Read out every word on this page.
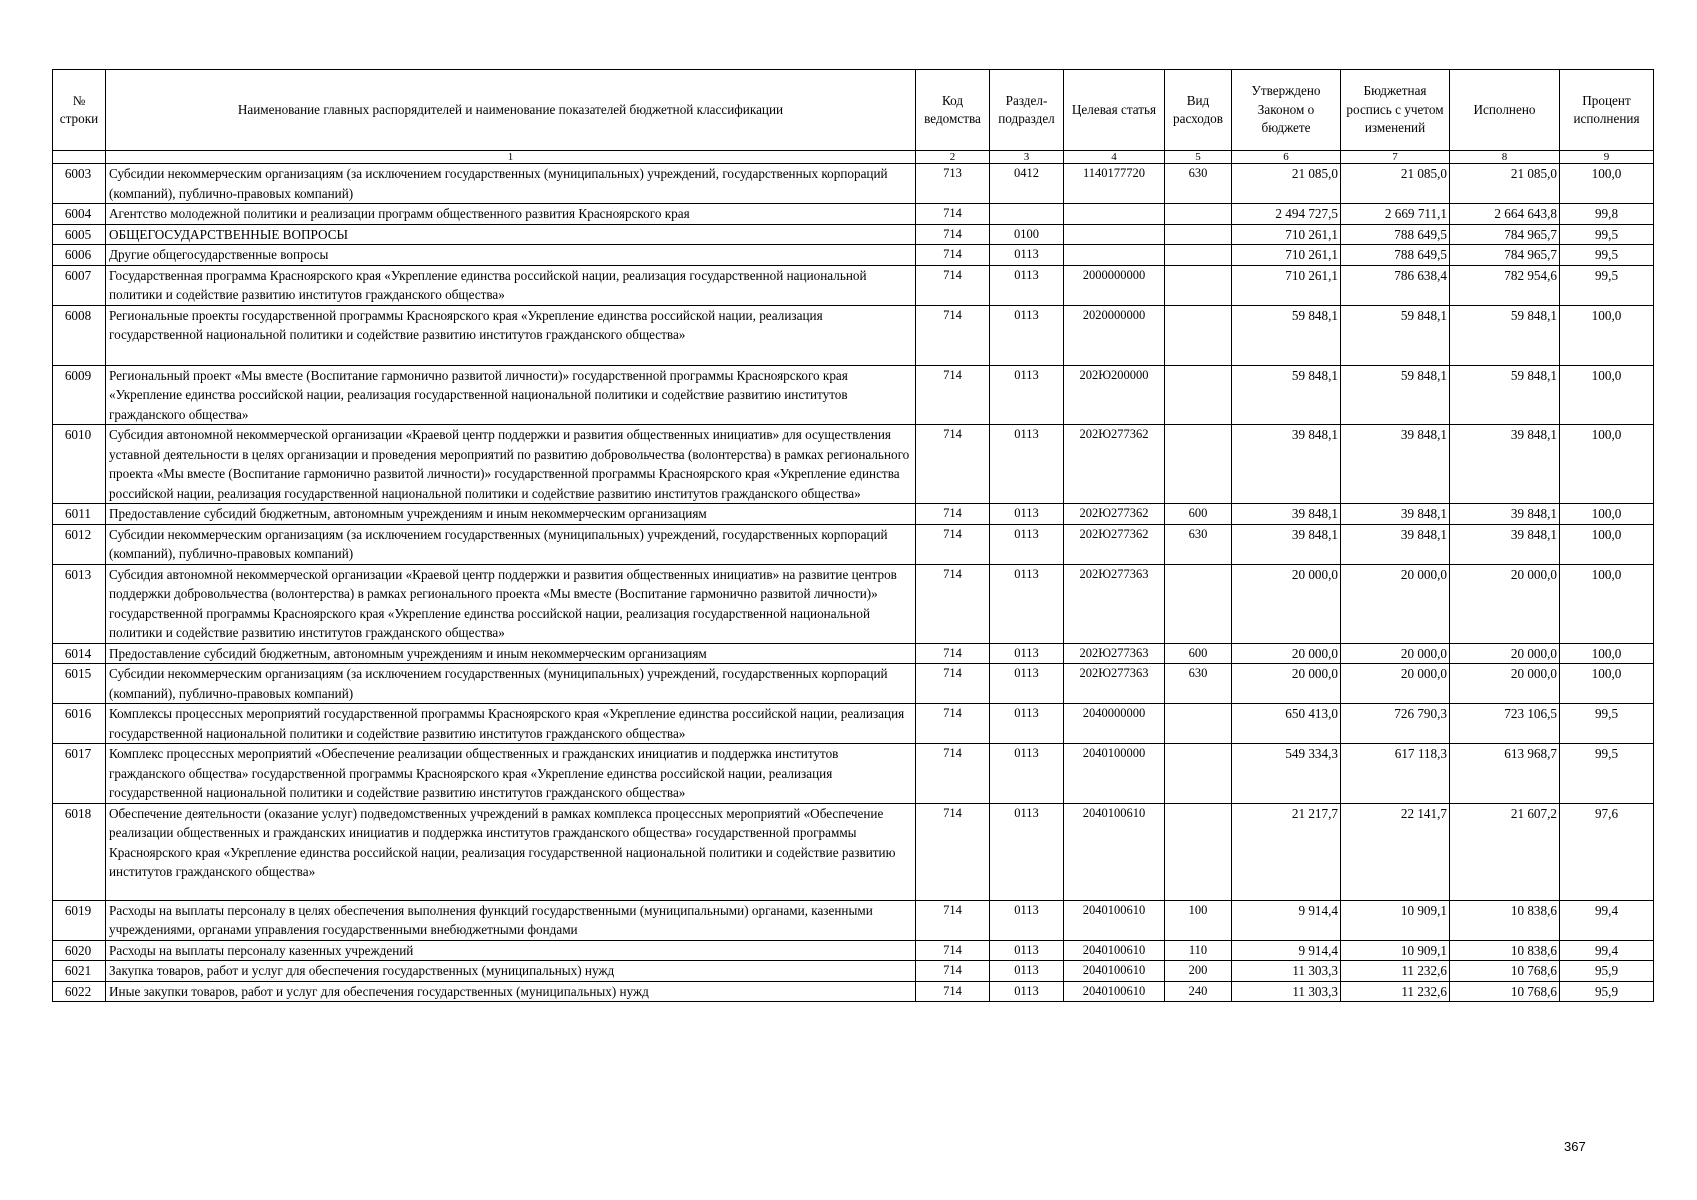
№ строки	Наименование главных распорядителей и наименование показателей бюджетной классификации	Код ведомства	Раздел-подраздел	Целевая статья	Вид расходов	Утверждено Законом о бюджете	Бюджетная роспись с учетом изменений	Исполнено	Процент исполнения
	1	2	3	4	5	6	7	8	9
6003	Субсидии некоммерческим организациям (за исключением государственных (муниципальных) учреждений, государственных корпораций (компаний), публично-правовых компаний)	713	0412	1140177720	630	21 085,0	21 085,0	21 085,0	100,0
6004	Агентство молодежной политики и реализации программ общественного развития Красноярского края	714				2 494 727,5	2 669 711,1	2 664 643,8	99,8
6005	ОБЩЕГОСУДАРСТВЕННЫЕ ВОПРОСЫ	714	0100			710 261,1	788 649,5	784 965,7	99,5
6006	Другие общегосударственные вопросы	714	0113			710 261,1	788 649,5	784 965,7	99,5
6007	Государственная программа Красноярского края «Укрепление единства российской нации, реализация государственной национальной политики и содействие развитию институтов гражданского общества»	714	0113	2000000000		710 261,1	786 638,4	782 954,6	99,5
6008	Региональные проекты государственной программы Красноярского края «Укрепление единства российской нации, реализация государственной национальной политики и содействие развитию институтов гражданского общества»	714	0113	2020000000		59 848,1	59 848,1	59 848,1	100,0
6009	Региональный проект «Мы вместе (Воспитание гармонично развитой личности)» государственной программы Красноярского края «Укрепление единства российской нации, реализация государственной национальной политики и содействие развитию институтов гражданского общества»	714	0113	202Ю200000		59 848,1	59 848,1	59 848,1	100,0
6010	Субсидия автономной некоммерческой организации «Краевой центр поддержки и развития общественных инициатив» для осуществления уставной деятельности в целях организации и проведения мероприятий по развитию добровольчества (волонтерства) в рамках регионального проекта «Мы вместе (Воспитание гармонично развитой личности)» государственной программы Красноярского края «Укрепление единства российской нации, реализация государственной национальной политики и содействие развитию институтов гражданского общества»	714	0113	202Ю277362		39 848,1	39 848,1	39 848,1	100,0
6011	Предоставление субсидий бюджетным, автономным учреждениям и иным некоммерческим организациям	714	0113	202Ю277362	600	39 848,1	39 848,1	39 848,1	100,0
6012	Субсидии некоммерческим организациям (за исключением государственных (муниципальных) учреждений, государственных корпораций (компаний), публично-правовых компаний)	714	0113	202Ю277362	630	39 848,1	39 848,1	39 848,1	100,0
6013	Субсидия автономной некоммерческой организации «Краевой центр поддержки и развития общественных инициатив» на развитие центров поддержки добровольчества (волонтерства) в рамках регионального проекта «Мы вместе (Воспитание гармонично развитой личности)» государственной программы Красноярского края «Укрепление единства российской нации, реализация государственной национальной политики и содействие развитию институтов гражданского общества»	714	0113	202Ю277363		20 000,0	20 000,0	20 000,0	100,0
6014	Предоставление субсидий бюджетным, автономным учреждениям и иным некоммерческим организациям	714	0113	202Ю277363	600	20 000,0	20 000,0	20 000,0	100,0
6015	Субсидии некоммерческим организациям (за исключением государственных (муниципальных) учреждений, государственных корпораций (компаний), публично-правовых компаний)	714	0113	202Ю277363	630	20 000,0	20 000,0	20 000,0	100,0
6016	Комплексы процессных мероприятий государственной программы Красноярского края «Укрепление единства российской нации, реализация государственной национальной политики и содействие развитию институтов гражданского общества»	714	0113	2040000000		650 413,0	726 790,3	723 106,5	99,5
6017	Комплекс процессных мероприятий «Обеспечение реализации общественных и гражданских инициатив и поддержка институтов гражданского общества» государственной программы Красноярского края «Укрепление единства российской нации, реализация государственной национальной политики и содействие развитию институтов гражданского общества»	714	0113	2040100000		549 334,3	617 118,3	613 968,7	99,5
6018	Обеспечение деятельности (оказание услуг) подведомственных учреждений в рамках комплекса процессных мероприятий «Обеспечение реализации общественных и гражданских инициатив и поддержка институтов гражданского общества» государственной программы Красноярского края «Укрепление единства российской нации, реализация государственной национальной политики и содействие развитию институтов гражданского общества»	714	0113	2040100610		21 217,7	22 141,7	21 607,2	97,6
6019	Расходы на выплаты персоналу в целях обеспечения выполнения функций государственными (муниципальными) органами, казенными учреждениями, органами управления государственными внебюджетными фондами	714	0113	2040100610	100	9 914,4	10 909,1	10 838,6	99,4
6020	Расходы на выплаты персоналу казенных учреждений	714	0113	2040100610	110	9 914,4	10 909,1	10 838,6	99,4
6021	Закупка товаров, работ и услуг для обеспечения государственных (муниципальных) нужд	714	0113	2040100610	200	11 303,3	11 232,6	10 768,6	95,9
6022	Иные закупки товаров, работ и услуг для обеспечения государственных (муниципальных) нужд	714	0113	2040100610	240	11 303,3	11 232,6	10 768,6	95,9
367
